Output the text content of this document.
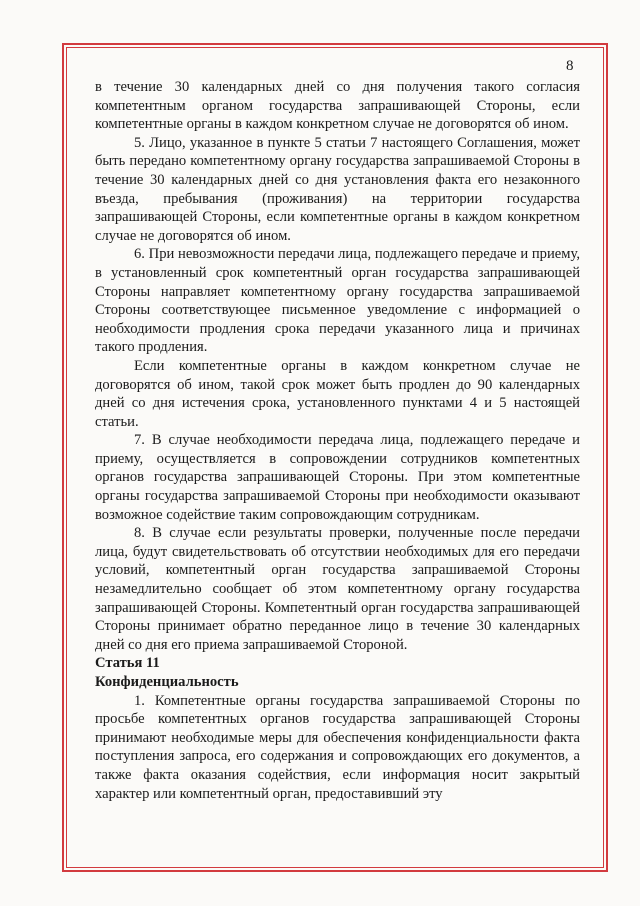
8

в течение 30 календарных дней со дня получения такого согласия компетентным органом государства запрашивающей Стороны, если компетентные органы в каждом конкретном случае не договорятся об ином.

5. Лицо, указанное в пункте 5 статьи 7 настоящего Соглашения, может быть передано компетентному органу государства запрашиваемой Стороны в течение 30 календарных дней со дня установления факта его незаконного въезда, пребывания (проживания) на территории государства запрашивающей Стороны, если компетентные органы в каждом конкретном случае не договорятся об ином.

6. При невозможности передачи лица, подлежащего передаче и приему, в установленный срок компетентный орган государства запрашивающей Стороны направляет компетентному органу государства запрашиваемой Стороны соответствующее письменное уведомление с информацией о необходимости продления срока передачи указанного лица и причинах такого продления.

Если компетентные органы в каждом конкретном случае не договорятся об ином, такой срок может быть продлен до 90 календарных дней со дня истечения срока, установленного пунктами 4 и 5 настоящей статьи.

7. В случае необходимости передача лица, подлежащего передаче и приему, осуществляется в сопровождении сотрудников компетентных органов государства запрашивающей Стороны. При этом компетентные органы государства запрашиваемой Стороны при необходимости оказывают возможное содействие таким сопровождающим сотрудникам.

8. В случае если результаты проверки, полученные после передачи лица, будут свидетельствовать об отсутствии необходимых для его передачи условий, компетентный орган государства запрашиваемой Стороны незамедлительно сообщает об этом компетентному органу государства запрашивающей Стороны. Компетентный орган государства запрашивающей Стороны принимает обратно переданное лицо в течение 30 календарных дней со дня его приема запрашиваемой Стороной.

Статья 11

Конфиденциальность

1. Компетентные органы государства запрашиваемой Стороны по просьбе компетентных органов государства запрашивающей Стороны принимают необходимые меры для обеспечения конфиденциальности факта поступления запроса, его содержания и сопровождающих его документов, а также факта оказания содействия, если информация носит закрытый характер или компетентный орган, предоставивший эту
